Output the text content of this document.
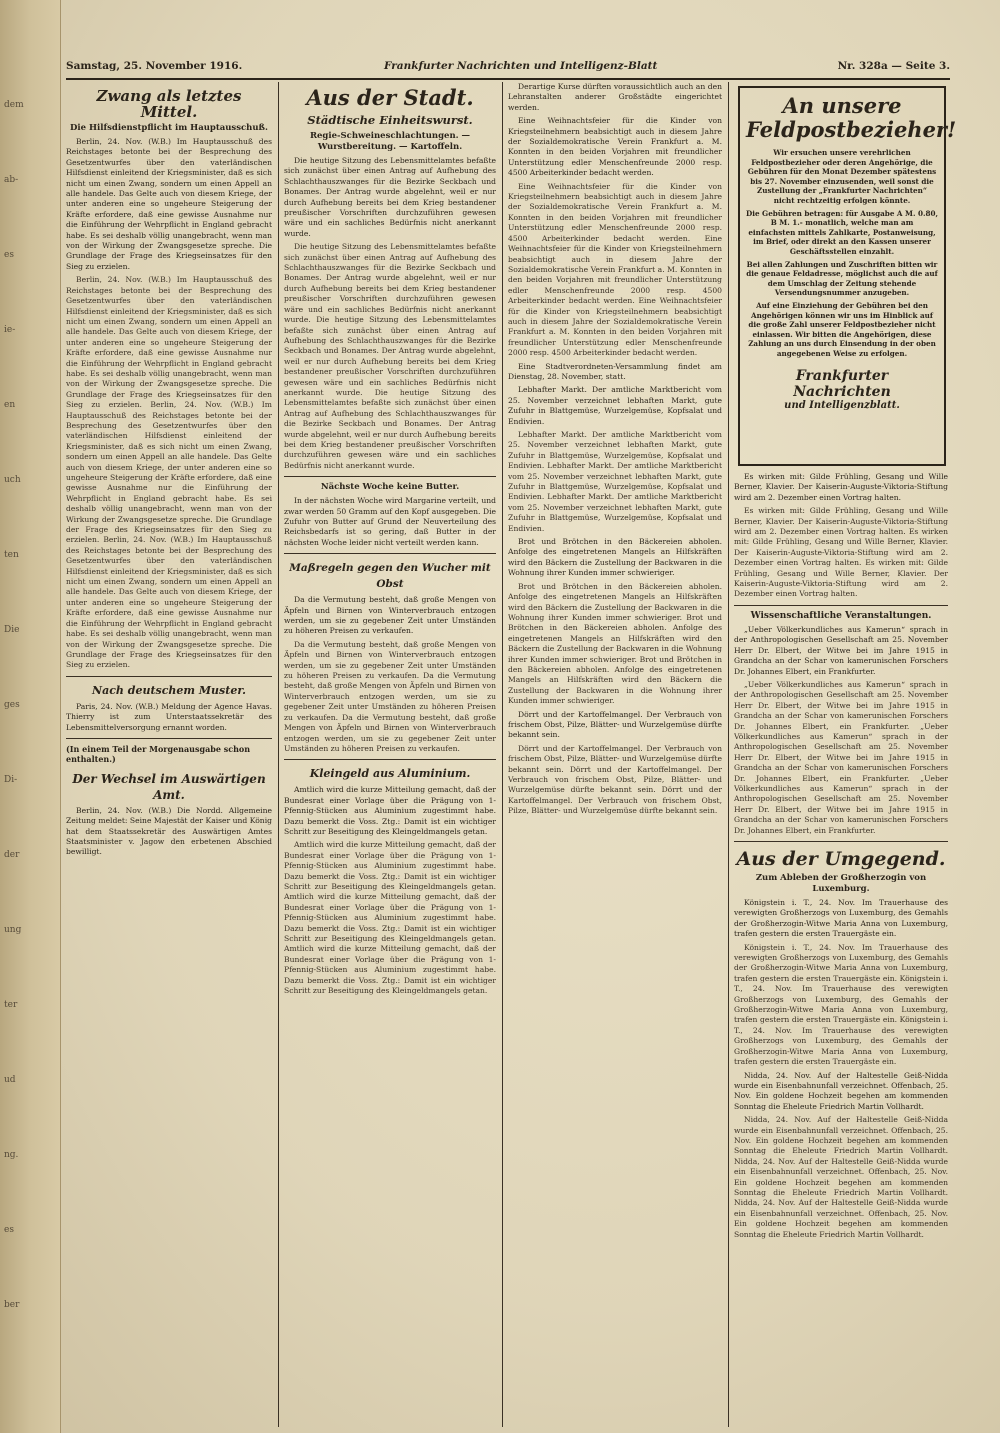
dem
ab-
es
ie-
en
uch
ten
Die
ges
Di-
der
ung
ter
ud
ng.
es
ber
Samstag, 25. November 1916.	Frankfurter Nachrichten und Intelligenz-Blatt	Nr. 328a — Seite 3.
Zwang als letztes Mittel.
Die Hilfsdienstpflicht im Hauptausschuß.

Berlin, 24. Nov. (W.B.) Im Hauptausschuß des Reichstages betonte bei der Besprechung des Gesetzentwurfes über den vaterländischen Hilfsdienst einleitend der Kriegsminister, daß es sich nicht um einen Zwang, sondern um einen Appell an alle handele. Das Gelte auch von diesem Kriege, der unter anderen eine so ungeheure Steigerung der Kräfte erfordere, daß eine gewisse Ausnahme nur die Einführung der Wehrpflicht in England gebracht habe. Es sei deshalb völlig unangebracht, wenn man von der Wirkung der Zwangsgesetze spreche. Die Grundlage der Frage des Kriegseinsatzes für den Sieg zu erzielen.

Berlin, 24. Nov. (W.B.) Im Hauptausschuß des Reichstages betonte bei der Besprechung des Gesetzentwurfes über den vaterländischen Hilfsdienst einleitend der Kriegsminister, daß es sich nicht um einen Zwang, sondern um einen Appell an alle handele. Das Gelte auch von diesem Kriege, der unter anderen eine so ungeheure Steigerung der Kräfte erfordere, daß eine gewisse Ausnahme nur die Einführung der Wehrpflicht in England gebracht habe. Es sei deshalb völlig unangebracht, wenn man von der Wirkung der Zwangsgesetze spreche. Die Grundlage der Frage des Kriegseinsatzes für den Sieg zu erzielen. Berlin, 24. Nov. (W.B.) Im Hauptausschuß des Reichstages betonte bei der Besprechung des Gesetzentwurfes über den vaterländischen Hilfsdienst einleitend der Kriegsminister, daß es sich nicht um einen Zwang, sondern um einen Appell an alle handele. Das Gelte auch von diesem Kriege, der unter anderen eine so ungeheure Steigerung der Kräfte erfordere, daß eine gewisse Ausnahme nur die Einführung der Wehrpflicht in England gebracht habe. Es sei deshalb völlig unangebracht, wenn man von der Wirkung der Zwangsgesetze spreche. Die Grundlage der Frage des Kriegseinsatzes für den Sieg zu erzielen. Berlin, 24. Nov. (W.B.) Im Hauptausschuß des Reichstages betonte bei der Besprechung des Gesetzentwurfes über den vaterländischen Hilfsdienst einleitend der Kriegsminister, daß es sich nicht um einen Zwang, sondern um einen Appell an alle handele. Das Gelte auch von diesem Kriege, der unter anderen eine so ungeheure Steigerung der Kräfte erfordere, daß eine gewisse Ausnahme nur die Einführung der Wehrpflicht in England gebracht habe. Es sei deshalb völlig unangebracht, wenn man von der Wirkung der Zwangsgesetze spreche. Die Grundlage der Frage des Kriegseinsatzes für den Sieg zu erzielen.

Nach deutschem Muster.

Paris, 24. Nov. (W.B.) Meldung der Agence Havas. Thierry ist zum Unterstaatssekretär des Lebensmittelversorgung ernannt worden.

(In einem Teil der Morgenausgabe schon enthalten.)
Der Wechsel im Auswärtigen Amt.

Berlin, 24. Nov. (W.B.) Die Nordd. Allgemeine Zeitung meldet: Seine Majestät der Kaiser und König hat dem Staatssekretär des Auswärtigen Amtes Staatsminister v. Jagow den erbetenen Abschied bewilligt.

Aus der Stadt.
Städtische Einheitswurst.
Regie-Schweineschlachtungen. — Wurstbereitung. — Kartoffeln.

Die heutige Sitzung des Lebensmittelamtes befaßte sich zunächst über einen Antrag auf Aufhebung des Schlachthauszwanges für die Bezirke Seckbach und Bonames. Der Antrag wurde abgelehnt, weil er nur durch Aufhebung bereits bei dem Krieg bestandener preußischer Vorschriften durchzuführen gewesen wäre und ein sachliches Bedürfnis nicht anerkannt wurde.

Die heutige Sitzung des Lebensmittelamtes befaßte sich zunächst über einen Antrag auf Aufhebung des Schlachthauszwanges für die Bezirke Seckbach und Bonames. Der Antrag wurde abgelehnt, weil er nur durch Aufhebung bereits bei dem Krieg bestandener preußischer Vorschriften durchzuführen gewesen wäre und ein sachliches Bedürfnis nicht anerkannt wurde. Die heutige Sitzung des Lebensmittelamtes befaßte sich zunächst über einen Antrag auf Aufhebung des Schlachthauszwanges für die Bezirke Seckbach und Bonames. Der Antrag wurde abgelehnt, weil er nur durch Aufhebung bereits bei dem Krieg bestandener preußischer Vorschriften durchzuführen gewesen wäre und ein sachliches Bedürfnis nicht anerkannt wurde. Die heutige Sitzung des Lebensmittelamtes befaßte sich zunächst über einen Antrag auf Aufhebung des Schlachthauszwanges für die Bezirke Seckbach und Bonames. Der Antrag wurde abgelehnt, weil er nur durch Aufhebung bereits bei dem Krieg bestandener preußischer Vorschriften durchzuführen gewesen wäre und ein sachliches Bedürfnis nicht anerkannt wurde.

Nächste Woche keine Butter.

In der nächsten Woche wird Margarine verteilt, und zwar werden 50 Gramm auf den Kopf ausgegeben. Die Zufuhr von Butter auf Grund der Neuverteilung des Reichsbedarfs ist so gering, daß Butter in der nächsten Woche leider nicht verteilt werden kann.

Maßregeln gegen den Wucher mit Obst

Da die Vermutung besteht, daß große Mengen von Äpfeln und Birnen von Winterverbrauch entzogen werden, um sie zu gegebener Zeit unter Umständen zu höheren Preisen zu verkaufen.

Da die Vermutung besteht, daß große Mengen von Äpfeln und Birnen von Winterverbrauch entzogen werden, um sie zu gegebener Zeit unter Umständen zu höheren Preisen zu verkaufen. Da die Vermutung besteht, daß große Mengen von Äpfeln und Birnen von Winterverbrauch entzogen werden, um sie zu gegebener Zeit unter Umständen zu höheren Preisen zu verkaufen. Da die Vermutung besteht, daß große Mengen von Äpfeln und Birnen von Winterverbrauch entzogen werden, um sie zu gegebener Zeit unter Umständen zu höheren Preisen zu verkaufen.

Kleingeld aus Aluminium.

Amtlich wird die kurze Mitteilung gemacht, daß der Bundesrat einer Vorlage über die Prägung von 1-Pfennig-Stücken aus Aluminium zugestimmt habe. Dazu bemerkt die Voss. Ztg.: Damit ist ein wichtiger Schritt zur Beseitigung des Kleingeldmangels getan.

Amtlich wird die kurze Mitteilung gemacht, daß der Bundesrat einer Vorlage über die Prägung von 1-Pfennig-Stücken aus Aluminium zugestimmt habe. Dazu bemerkt die Voss. Ztg.: Damit ist ein wichtiger Schritt zur Beseitigung des Kleingeldmangels getan. Amtlich wird die kurze Mitteilung gemacht, daß der Bundesrat einer Vorlage über die Prägung von 1-Pfennig-Stücken aus Aluminium zugestimmt habe. Dazu bemerkt die Voss. Ztg.: Damit ist ein wichtiger Schritt zur Beseitigung des Kleingeldmangels getan. Amtlich wird die kurze Mitteilung gemacht, daß der Bundesrat einer Vorlage über die Prägung von 1-Pfennig-Stücken aus Aluminium zugestimmt habe. Dazu bemerkt die Voss. Ztg.: Damit ist ein wichtiger Schritt zur Beseitigung des Kleingeldmangels getan.

Derartige Kurse dürften voraussichtlich auch an den Lehranstalten anderer Großstädte eingerichtet werden.

Eine Weihnachtsfeier für die Kinder von Kriegsteilnehmern beabsichtigt auch in diesem Jahre der Sozialdemokratische Verein Frankfurt a. M. Konnten in den beiden Vorjahren mit freundlicher Unterstützung edler Menschenfreunde 2000 resp. 4500 Arbeiterkinder bedacht werden.

Eine Weihnachtsfeier für die Kinder von Kriegsteilnehmern beabsichtigt auch in diesem Jahre der Sozialdemokratische Verein Frankfurt a. M. Konnten in den beiden Vorjahren mit freundlicher Unterstützung edler Menschenfreunde 2000 resp. 4500 Arbeiterkinder bedacht werden. Eine Weihnachtsfeier für die Kinder von Kriegsteilnehmern beabsichtigt auch in diesem Jahre der Sozialdemokratische Verein Frankfurt a. M. Konnten in den beiden Vorjahren mit freundlicher Unterstützung edler Menschenfreunde 2000 resp. 4500 Arbeiterkinder bedacht werden. Eine Weihnachtsfeier für die Kinder von Kriegsteilnehmern beabsichtigt auch in diesem Jahre der Sozialdemokratische Verein Frankfurt a. M. Konnten in den beiden Vorjahren mit freundlicher Unterstützung edler Menschenfreunde 2000 resp. 4500 Arbeiterkinder bedacht werden.

Eine Stadtverordneten-Versammlung findet am Dienstag, 28. November, statt.

Lebhafter Markt. Der amtliche Marktbericht vom 25. November verzeichnet lebhaften Markt, gute Zufuhr in Blattgemüse, Wurzelgemüse, Kopfsalat und Endivien.

Lebhafter Markt. Der amtliche Marktbericht vom 25. November verzeichnet lebhaften Markt, gute Zufuhr in Blattgemüse, Wurzelgemüse, Kopfsalat und Endivien. Lebhafter Markt. Der amtliche Marktbericht vom 25. November verzeichnet lebhaften Markt, gute Zufuhr in Blattgemüse, Wurzelgemüse, Kopfsalat und Endivien. Lebhafter Markt. Der amtliche Marktbericht vom 25. November verzeichnet lebhaften Markt, gute Zufuhr in Blattgemüse, Wurzelgemüse, Kopfsalat und Endivien.

Brot und Brötchen in den Bäckereien abholen. Anfolge des eingetretenen Mangels an Hilfskräften wird den Bäckern die Zustellung der Backwaren in die Wohnung ihrer Kunden immer schwieriger.

Brot und Brötchen in den Bäckereien abholen. Anfolge des eingetretenen Mangels an Hilfskräften wird den Bäckern die Zustellung der Backwaren in die Wohnung ihrer Kunden immer schwieriger. Brot und Brötchen in den Bäckereien abholen. Anfolge des eingetretenen Mangels an Hilfskräften wird den Bäckern die Zustellung der Backwaren in die Wohnung ihrer Kunden immer schwieriger. Brot und Brötchen in den Bäckereien abholen. Anfolge des eingetretenen Mangels an Hilfskräften wird den Bäckern die Zustellung der Backwaren in die Wohnung ihrer Kunden immer schwieriger.

Dörrt und der Kartoffelmangel. Der Verbrauch von frischem Obst, Pilze, Blätter- und Wurzelgemüse dürfte bekannt sein.

Dörrt und der Kartoffelmangel. Der Verbrauch von frischem Obst, Pilze, Blätter- und Wurzelgemüse dürfte bekannt sein. Dörrt und der Kartoffelmangel. Der Verbrauch von frischem Obst, Pilze, Blätter- und Wurzelgemüse dürfte bekannt sein. Dörrt und der Kartoffelmangel. Der Verbrauch von frischem Obst, Pilze, Blätter- und Wurzelgemüse dürfte bekannt sein.

An unsere
Feldpostbezieher!

Wir ersuchen unsere verehrlichen Feldpostbezieher oder deren Angehörige, die Gebühren für den Monat Dezember spätestens bis 27. November einzusenden, weil sonst die Zustellung der „Frankfurter Nachrichten“ nicht rechtzeitig erfolgen könnte.

Die Gebühren betragen: für Ausgabe A M. 0.80, B M. 1.- monatlich, welche man am einfachsten mittels Zahlkarte, Postanweisung, im Brief, oder direkt an den Kassen unserer Geschäftsstellen einzahlt.

Bei allen Zahlungen und Zuschriften bitten wir die genaue Feldadresse, möglichst auch die auf dem Umschlag der Zeitung stehende Versendungsnummer anzugeben.

Auf eine Einziehung der Gebühren bei den Angehörigen können wir uns im Hinblick auf die große Zahl unserer Feldpostbezieher nicht einlassen. Wir bitten die Angehörigen, diese Zahlung an uns durch Einsendung in der oben angegebenen Weise zu erfolgen.

Frankfurter Nachrichten
und Intelligenzblatt.

Es wirken mit: Gilde Frühling, Gesang und Wille Berner, Klavier. Der Kaiserin-Auguste-Viktoria-Stiftung wird am 2. Dezember einen Vortrag halten.

Es wirken mit: Gilde Frühling, Gesang und Wille Berner, Klavier. Der Kaiserin-Auguste-Viktoria-Stiftung wird am 2. Dezember einen Vortrag halten. Es wirken mit: Gilde Frühling, Gesang und Wille Berner, Klavier. Der Kaiserin-Auguste-Viktoria-Stiftung wird am 2. Dezember einen Vortrag halten. Es wirken mit: Gilde Frühling, Gesang und Wille Berner, Klavier. Der Kaiserin-Auguste-Viktoria-Stiftung wird am 2. Dezember einen Vortrag halten.

Wissenschaftliche Veranstaltungen.

„Ueber Völkerkundliches aus Kamerun“ sprach in der Anthropologischen Gesellschaft am 25. November Herr Dr. Elbert, der Witwe bei im Jahre 1915 in Grandcha an der Schar von kamerunischen Forschers Dr. Johannes Elbert, ein Frankfurter.

„Ueber Völkerkundliches aus Kamerun“ sprach in der Anthropologischen Gesellschaft am 25. November Herr Dr. Elbert, der Witwe bei im Jahre 1915 in Grandcha an der Schar von kamerunischen Forschers Dr. Johannes Elbert, ein Frankfurter. „Ueber Völkerkundliches aus Kamerun“ sprach in der Anthropologischen Gesellschaft am 25. November Herr Dr. Elbert, der Witwe bei im Jahre 1915 in Grandcha an der Schar von kamerunischen Forschers Dr. Johannes Elbert, ein Frankfurter. „Ueber Völkerkundliches aus Kamerun“ sprach in der Anthropologischen Gesellschaft am 25. November Herr Dr. Elbert, der Witwe bei im Jahre 1915 in Grandcha an der Schar von kamerunischen Forschers Dr. Johannes Elbert, ein Frankfurter.

Aus der Umgegend.
Zum Ableben der Großherzogin von Luxemburg.

Königstein i. T., 24. Nov. Im Trauerhause des verewigten Großherzogs von Luxemburg, des Gemahls der Großherzogin-Witwe Maria Anna von Luxemburg, trafen gestern die ersten Trauergäste ein.

Königstein i. T., 24. Nov. Im Trauerhause des verewigten Großherzogs von Luxemburg, des Gemahls der Großherzogin-Witwe Maria Anna von Luxemburg, trafen gestern die ersten Trauergäste ein. Königstein i. T., 24. Nov. Im Trauerhause des verewigten Großherzogs von Luxemburg, des Gemahls der Großherzogin-Witwe Maria Anna von Luxemburg, trafen gestern die ersten Trauergäste ein. Königstein i. T., 24. Nov. Im Trauerhause des verewigten Großherzogs von Luxemburg, des Gemahls der Großherzogin-Witwe Maria Anna von Luxemburg, trafen gestern die ersten Trauergäste ein.

Nidda, 24. Nov. Auf der Haltestelle Geiß-Nidda wurde ein Eisenbahnunfall verzeichnet. Offenbach, 25. Nov. Ein goldene Hochzeit begehen am kommenden Sonntag die Eheleute Friedrich Martin Vollhardt.

Nidda, 24. Nov. Auf der Haltestelle Geiß-Nidda wurde ein Eisenbahnunfall verzeichnet. Offenbach, 25. Nov. Ein goldene Hochzeit begehen am kommenden Sonntag die Eheleute Friedrich Martin Vollhardt. Nidda, 24. Nov. Auf der Haltestelle Geiß-Nidda wurde ein Eisenbahnunfall verzeichnet. Offenbach, 25. Nov. Ein goldene Hochzeit begehen am kommenden Sonntag die Eheleute Friedrich Martin Vollhardt. Nidda, 24. Nov. Auf der Haltestelle Geiß-Nidda wurde ein Eisenbahnunfall verzeichnet. Offenbach, 25. Nov. Ein goldene Hochzeit begehen am kommenden Sonntag die Eheleute Friedrich Martin Vollhardt.
